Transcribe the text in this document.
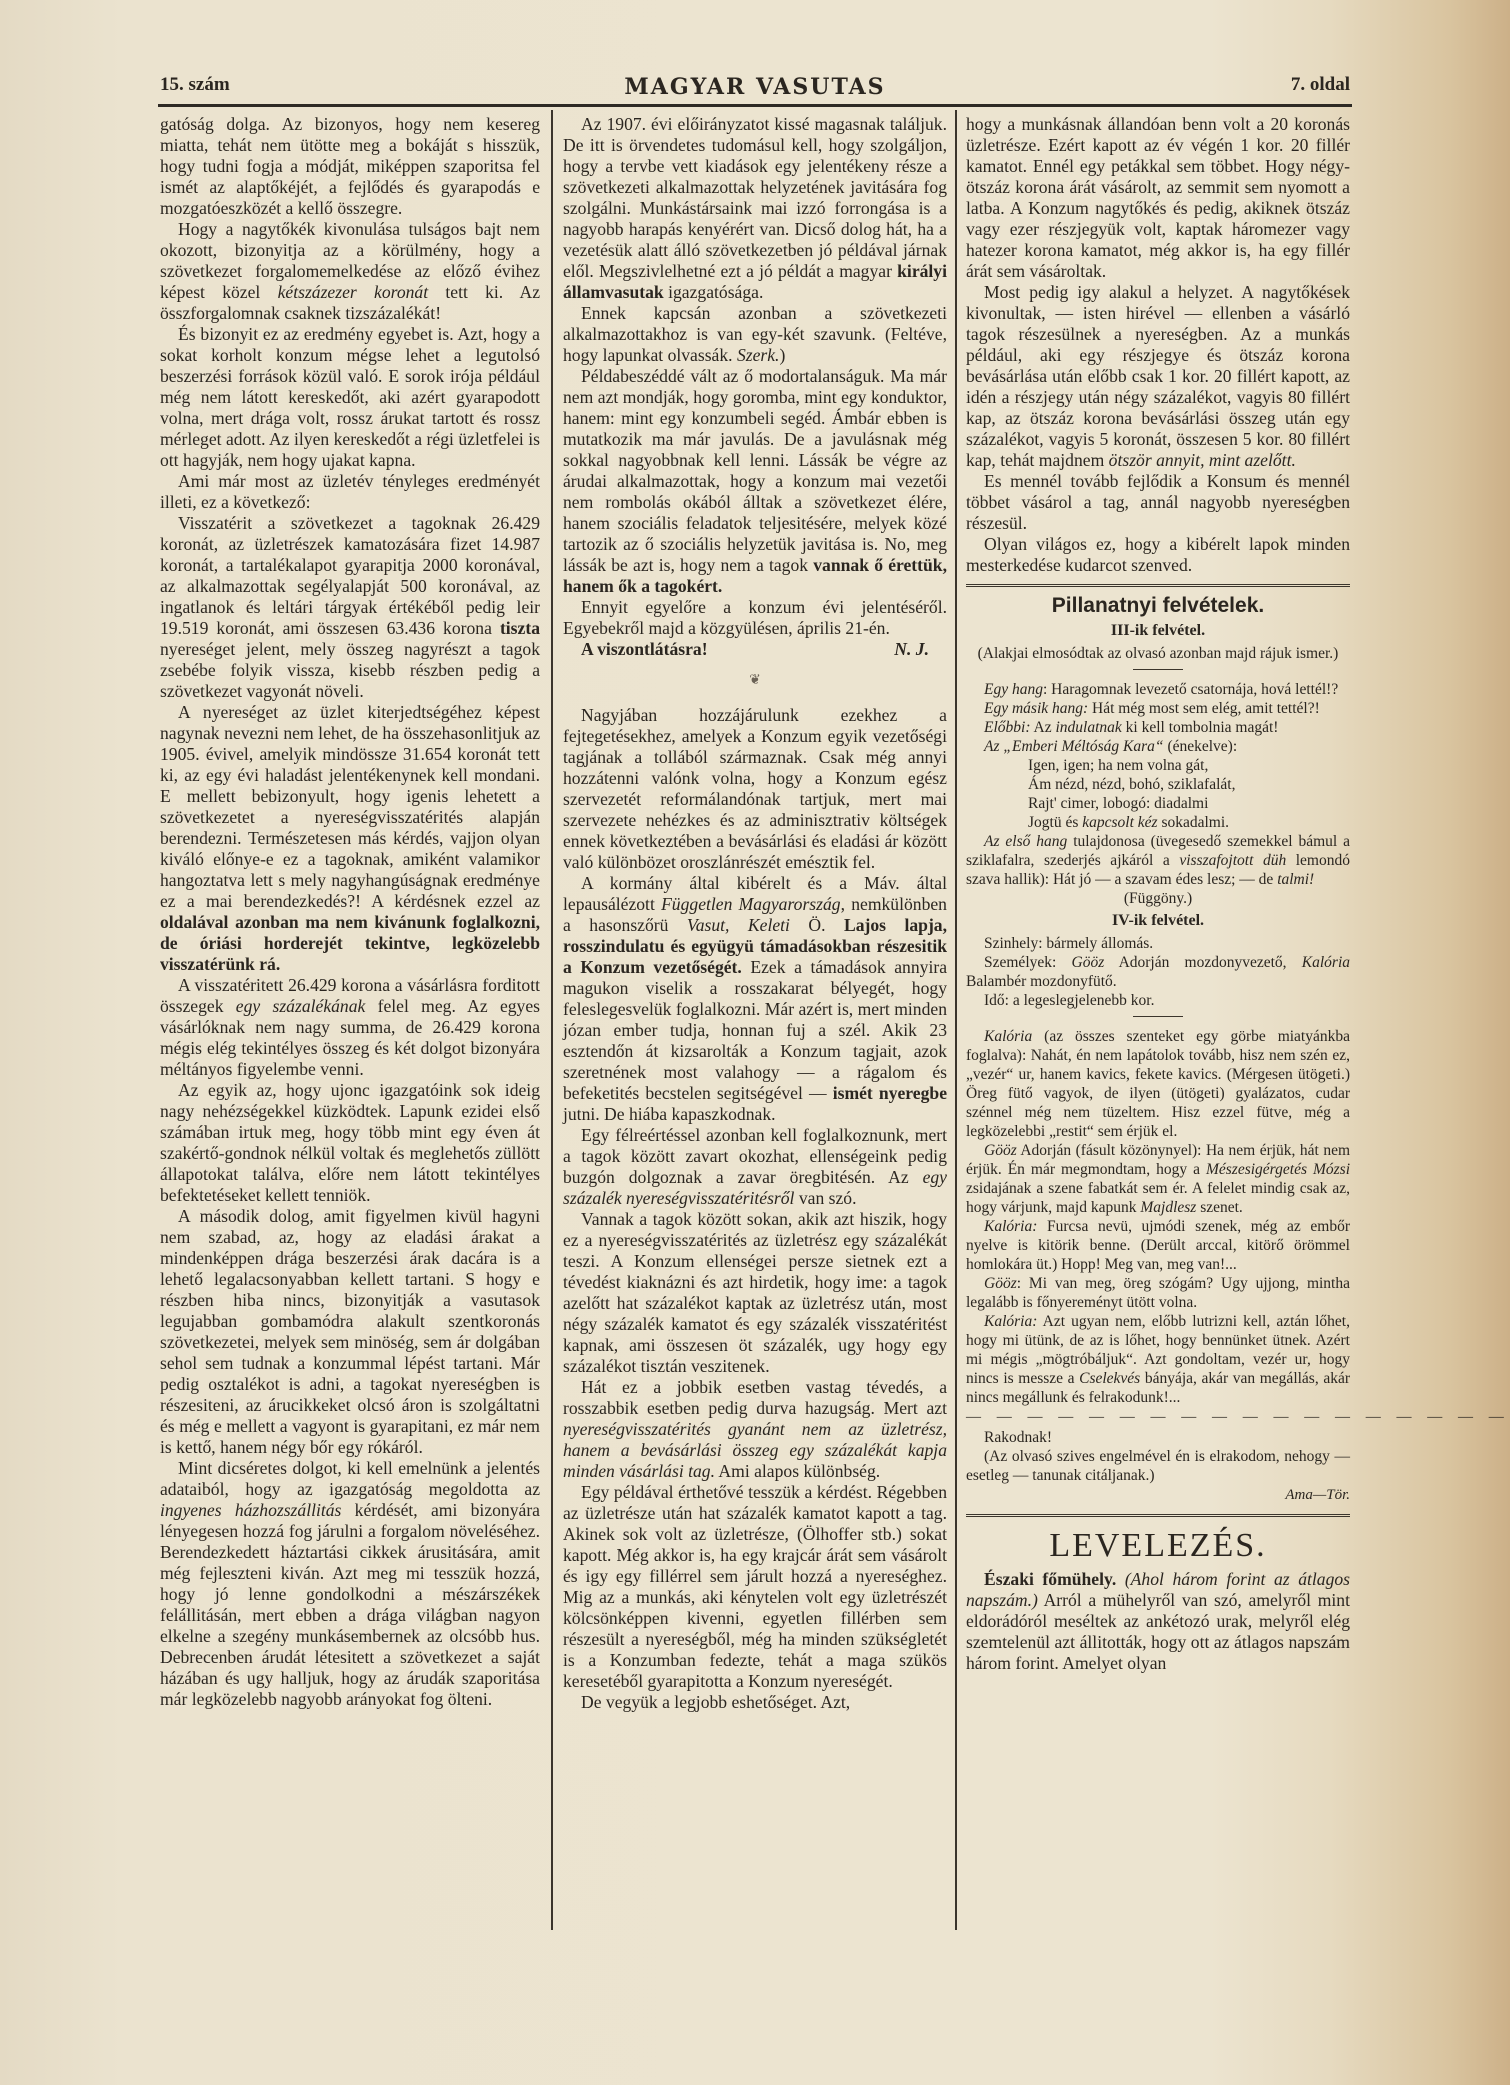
15. szám	MAGYAR VASUTAS	7. oldal

gatóság dolga. Az bizonyos, hogy nem kesereg miatta, tehát nem ütötte meg a bokáját s hisszük, hogy tudni fogja a módját, miképpen szaporitsa fel ismét az alaptőkéjét, a fejlődés és gyarapodás e mozgatóeszközét a kellő összegre.

Hogy a nagytőkék kivonulása tulságos bajt nem okozott, bizonyitja az a körülmény, hogy a szövetkezet forgalomemelkedése az előző évihez képest közel kétszázezer koronát tett ki. Az összforgalomnak csaknek tizszázalékát!

És bizonyit ez az eredmény egyebet is. Azt, hogy a sokat korholt konzum mégse lehet a legutolsó beszerzési források közül való. E sorok irója például még nem látott kereskedőt, aki azért gyarapodott volna, mert drága volt, rossz árukat tartott és rossz mérleget adott. Az ilyen kereskedőt a régi üzletfelei is ott hagyják, nem hogy ujakat kapna.

Ami már most az üzletév tényleges eredményét illeti, ez a következő:

Visszatérit a szövetkezet a tagoknak 26.429 koronát, az üzletrészek kamatozására fizet 14.987 koronát, a tartalékalapot gyarapitja 2000 koronával, az alkalmazottak segélyalapját 500 koronával, az ingatlanok és leltári tárgyak értékéből pedig leir 19.519 koronát, ami összesen 63.436 korona tiszta nyereséget jelent, mely összeg nagyrészt a tagok zsebébe folyik vissza, kisebb részben pedig a szövetkezet vagyonát növeli.

A nyereséget az üzlet kiterjedtségéhez képest nagynak nevezni nem lehet, de ha összehasonlitjuk az 1905. évivel, amelyik mindössze 31.654 koronát tett ki, az egy évi haladást jelentékenynek kell mondani. E mellett bebizonyult, hogy igenis lehetett a szövetkezetet a nyereségvisszatérités alapján berendezni. Természetesen más kérdés, vajjon olyan kiváló előnye-e ez a tagoknak, amiként valamikor hangoztatva lett s mely nagyhangúságnak eredménye ez a mai berendezkedés?! A kérdésnek ezzel az oldalával azonban ma nem kivánunk foglalkozni, de óriási horderejét tekintve, legközelebb visszatérünk rá.

A visszatéritett 26.429 korona a vásárlásra forditott összegek egy százalékának felel meg. Az egyes vásárlóknak nem nagy summa, de 26.429 korona mégis elég tekintélyes összeg és két dolgot bizonyára méltányos figyelembe venni.

Az egyik az, hogy ujonc igazgatóink sok ideig nagy nehézségekkel küzködtek. Lapunk ezidei első számában irtuk meg, hogy több mint egy éven át szakértő-gondnok nélkül voltak és meglehetős züllött állapotokat találva, előre nem látott tekintélyes befektetéseket kellett tenniök.

A második dolog, amit figyelmen kivül hagyni nem szabad, az, hogy az eladási árakat a mindenképpen drága beszerzési árak dacára is a lehető legalacsonyabban kellett tartani. S hogy e részben hiba nincs, bizonyitják a vasutasok legujabban gombamódra alakult szentkoronás szövetkezetei, melyek sem minöség, sem ár dolgában sehol sem tudnak a konzummal lépést tartani. Már pedig osztalékot is adni, a tagokat nyereségben is részesiteni, az árucikkeket olcsó áron is szolgáltatni és még e mellett a vagyont is gyarapitani, ez már nem is kettő, hanem négy bőr egy rókáról.

Mint dicséretes dolgot, ki kell emelnünk a jelentés adataiból, hogy az igazgatóság megoldotta az ingyenes házhozszállitás kérdését, ami bizonyára lényegesen hozzá fog járulni a forgalom növeléséhez. Berendezkedett háztartási cikkek árusitására, amit még fejleszteni kiván. Azt meg mi tesszük hozzá, hogy jó lenne gondolkodni a mészárszékek felállitásán, mert ebben a drága világban nagyon elkelne a szegény munkásembernek az olcsóbb hus. Debrecenben árudát létesitett a szövetkezet a saját házában és ugy halljuk, hogy az árudák szaporitása már legközelebb nagyobb arányokat fog ölteni.

Az 1907. évi előirányzatot kissé magasnak találjuk. De itt is örvendetes tudomásul kell, hogy szolgáljon, hogy a tervbe vett kiadások egy jelentékeny része a szövetkezeti alkalmazottak helyzetének javitására fog szolgálni. Munkástársaink mai izzó forrongása is a nagyobb harapás kenyérért van. Dicső dolog hát, ha a vezetésük alatt álló szövetkezetben jó példával járnak elől. Megszivlelhetné ezt a jó példát a magyar királyi államvasutak igazgatósága.

Ennek kapcsán azonban a szövetkezeti alkalmazottakhoz is van egy-két szavunk. (Feltéve, hogy lapunkat olvassák. Szerk.)

Példabeszéddé vált az ő modortalanságuk. Ma már nem azt mondják, hogy goromba, mint egy konduktor, hanem: mint egy konzumbeli segéd. Ámbár ebben is mutatkozik ma már javulás. De a javulásnak még sokkal nagyobbnak kell lenni. Lássák be végre az árudai alkalmazottak, hogy a konzum mai vezetői nem rombolás okából álltak a szövetkezet élére, hanem szociális feladatok teljesitésére, melyek közé tartozik az ő szociális helyzetük javitása is. No, meg lássák be azt is, hogy nem a tagok vannak ő érettük, hanem ők a tagokért.

Ennyit egyelőre a konzum évi jelentéséről. Egyebekről majd a közgyülésen, április 21-én.

A viszontlátásra!	N. J.

❦

Nagyjában hozzájárulunk ezekhez a fejtegetésekhez, amelyek a Konzum egyik vezetőségi tagjának a tollából származnak. Csak még annyi hozzátenni valónk volna, hogy a Konzum egész szervezetét reformálandónak tartjuk, mert mai szervezete nehézkes és az adminisztrativ költségek ennek következtében a bevásárlási és eladási ár között való különbözet oroszlánrészét emésztik fel.

A kormány által kibérelt és a Máv. által lepausálézott Független Magyarország, nemkülönben a hasonszőrü Vasut, Keleti Ö. Lajos lapja, rosszindulatu és együgyü támadásokban részesitik a Konzum vezetőségét. Ezek a támadások annyira magukon viselik a rosszakarat bélyegét, hogy feleslegesvelük foglalkozni. Már azért is, mert minden józan ember tudja, honnan fuj a szél. Akik 23 esztendőn át kizsarolták a Konzum tagjait, azok szeretnének most valahogy — a rágalom és befeketités becstelen segitségével — ismét nyeregbe jutni. De hiába kapaszkodnak.

Egy félreértéssel azonban kell foglalkoznunk, mert a tagok között zavart okozhat, ellenségeink pedig buzgón dolgoznak a zavar öregbitésén. Az egy százalék nyereségvisszatéritésről van szó.

Vannak a tagok között sokan, akik azt hiszik, hogy ez a nyereségvisszatérités az üzletrész egy százalékát teszi. A Konzum ellenségei persze sietnek ezt a tévedést kiaknázni és azt hirdetik, hogy ime: a tagok azelőtt hat százalékot kaptak az üzletrész után, most négy százalék kamatot és egy százalék visszatéritést kapnak, ami összesen öt százalék, ugy hogy egy százalékot tisztán veszitenek.

Hát ez a jobbik esetben vastag tévedés, a rosszabbik esetben pedig durva hazugság. Mert azt nyereségvisszatérités gyanánt nem az üzletrész, hanem a bevásárlási összeg egy százalékát kapja minden vásárlási tag. Ami alapos különbség.

Egy példával érthetővé tesszük a kérdést. Régebben az üzletrésze után hat százalék kamatot kapott a tag. Akinek sok volt az üzletrésze, (Ölhoffer stb.) sokat kapott. Még akkor is, ha egy krajcár árát sem vásárolt és igy egy fillérrel sem járult hozzá a nyereséghez. Mig az a munkás, aki kénytelen volt egy üzletrészét kölcsönképpen kivenni, egyetlen fillérben sem részesült a nyereségből, még ha minden szükségletét is a Konzumban fedezte, tehát a maga szükös keresetéből gyarapitotta a Konzum nyereségét.

De vegyük a legjobb eshetőséget. Azt,

hogy a munkásnak állandóan benn volt a 20 koronás üzletrésze. Ezért kapott az év végén 1 kor. 20 fillér kamatot. Ennél egy petákkal sem többet. Hogy négy-ötszáz korona árát vásárolt, az semmit sem nyomott a latba. A Konzum nagytőkés és pedig, akiknek ötszáz vagy ezer részjegyük volt, kaptak háromezer vagy hatezer korona kamatot, még akkor is, ha egy fillér árát sem vásároltak.

Most pedig igy alakul a helyzet. A nagytőkések kivonultak, — isten hirével — ellenben a vásárló tagok részesülnek a nyereségben. Az a munkás például, aki egy részjegye és ötszáz korona bevásárlása után előbb csak 1 kor. 20 fillért kapott, az idén a részjegy után négy százalékot, vagyis 80 fillért kap, az ötszáz korona bevásárlási összeg után egy százalékot, vagyis 5 koronát, összesen 5 kor. 80 fillért kap, tehát majdnem ötször annyit, mint azelőtt.

Es mennél tovább fejlődik a Konsum és mennél többet vásárol a tag, annál nagyobb nyereségben részesül.

Olyan világos ez, hogy a kibérelt lapok minden mesterkedése kudarcot szenved.

Pillanatnyi felvételek.

III-ik felvétel.

(Alakjai elmosódtak az olvasó azonban majd rájuk ismer.)

Egy hang: Haragomnak levezető csatornája, hová lettél!?

Egy másik hang: Hát még most sem elég, amit tettél?!

Előbbi: Az indulatnak ki kell tombolnia magát!

Az „Emberi Méltóság Kara“ (énekelve):

Igen, igen; ha nem volna gát,

Ám nézd, nézd, bohó, sziklafalát,

Rajt' cimer, lobogó: diadalmi

Jogtü és kapcsolt kéz sokadalmi.

Az első hang tulajdonosa (üvegesedő szemekkel bámul a sziklafalra, szederjés ajkáról a visszafojtott düh lemondó szava hallik): Hát jó — a szavam édes lesz; — de talmi!

(Függöny.)

IV-ik felvétel.

Szinhely: bármely állomás.

Személyek: Gööz Adorján mozdonyvezető, Kalória Balambér mozdonyfütő.

Idő: a legeslegjelenebb kor.

Kalória (az összes szenteket egy görbe miatyánkba foglalva): Nahát, én nem lapátolok tovább, hisz nem szén ez, „vezér“ ur, hanem kavics, fekete kavics. (Mérgesen ütögeti.) Öreg fütő vagyok, de ilyen (ütögeti) gyalázatos, cudar szénnel még nem tüzeltem. Hisz ezzel fütve, még a legközelebbi „restit“ sem érjük el.

Gööz Adorján (fásult közönynyel): Ha nem érjük, hát nem érjük. Én már megmondtam, hogy a Mészesigérgetés Mózsi zsidajának a szene fabatkát sem ér. A felelet mindig csak az, hogy várjunk, majd kapunk Majdlesz szenet.

Kalória: Furcsa nevü, ujmódi szenek, még az embőr nyelve is kitörik benne. (Derült arccal, kitörő örömmel homlokára üt.) Hopp! Meg van, meg van!...

Gööz: Mi van meg, öreg szógám? Ugy ujjong, mintha legalább is főnyereményt ütött volna.

Kalória: Azt ugyan nem, előbb lutrizni kell, aztán lőhet, hogy mi ütünk, de az is lőhet, hogy bennünket ütnek. Azért mi mégis „mögtróbáljuk“. Azt gondoltam, vezér ur, hogy nincs is messze a Cselekvés bányája, akár van megállás, akár nincs megállunk és felrakodunk!...

— — — — — — — — — — — — — — — — — —

Rakodnak!

(Az olvasó szives engelmével én is elrakodom, nehogy — esetleg — tanunak citáljanak.)

Ama—Tör.

LEVELEZÉS.

Északi főmühely. (Ahol három forint az átlagos napszám.) Arról a mühelyről van szó, amelyről mint eldorádóról meséltek az ankétozó urak, melyről elég szemtelenül azt állitották, hogy ott az átlagos napszám három forint. Amelyet olyan
